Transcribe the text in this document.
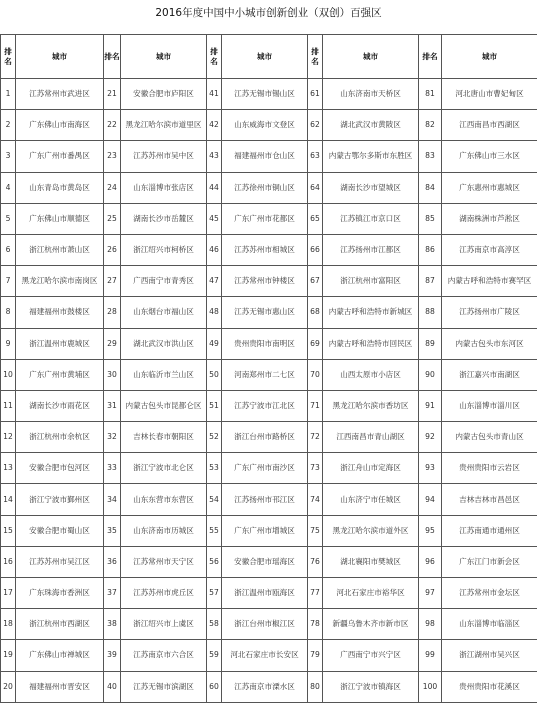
2016年度中国中小城市创新创业（双创）百强区
排名	城市	排名	城市	排名	城市	排名	城市	排名	城市
1	江苏常州市武进区	21	安徽合肥市庐阳区	41	江苏无锡市锡山区	61	山东济南市天桥区	81	河北唐山市曹妃甸区
2	广东佛山市南海区	22	黑龙江哈尔滨市道里区	42	山东威海市文登区	62	湖北武汉市黄陂区	82	江西南昌市西湖区
3	广东广州市番禺区	23	江苏苏州市吴中区	43	福建福州市仓山区	63	内蒙古鄂尔多斯市东胜区	83	广东佛山市三水区
4	山东青岛市黄岛区	24	山东淄博市张店区	44	江苏徐州市铜山区	64	湖南长沙市望城区	84	广东惠州市惠城区
5	广东佛山市顺德区	25	湖南长沙市岳麓区	45	广东广州市花都区	65	江苏镇江市京口区	85	湖南株洲市芦淞区
6	浙江杭州市萧山区	26	浙江绍兴市柯桥区	46	江苏苏州市相城区	66	江苏扬州市江都区	86	江苏南京市高淳区
7	黑龙江哈尔滨市南岗区	27	广西南宁市青秀区	47	江苏常州市钟楼区	67	浙江杭州市富阳区	87	内蒙古呼和浩特市赛罕区
8	福建福州市鼓楼区	28	山东烟台市福山区	48	江苏无锡市惠山区	68	内蒙古呼和浩特市新城区	88	江苏扬州市广陵区
9	浙江温州市鹿城区	29	湖北武汉市洪山区	49	贵州贵阳市南明区	69	内蒙古呼和浩特市回民区	89	内蒙古包头市东河区
10	广东广州市黄埔区	30	山东临沂市兰山区	50	河南郑州市二七区	70	山西太原市小店区	90	浙江嘉兴市南湖区
11	湖南长沙市雨花区	31	内蒙古包头市昆都仑区	51	江苏宁波市江北区	71	黑龙江哈尔滨市香坊区	91	山东淄博市淄川区
12	浙江杭州市余杭区	32	吉林长春市朝阳区	52	浙江台州市路桥区	72	江西南昌市青山湖区	92	内蒙古包头市青山区
13	安徽合肥市包河区	33	浙江宁波市北仑区	53	广东广州市南沙区	73	浙江舟山市定海区	93	贵州贵阳市云岩区
14	浙江宁波市鄞州区	34	山东东营市东营区	54	江苏扬州市邗江区	74	山东济宁市任城区	94	吉林吉林市昌邑区
15	安徽合肥市蜀山区	35	山东济南市历城区	55	广东广州市增城区	75	黑龙江哈尔滨市道外区	95	江苏南通市通州区
16	江苏苏州市吴江区	36	江苏常州市天宁区	56	安徽合肥市瑶海区	76	湖北襄阳市樊城区	96	广东江门市新会区
17	广东珠海市香洲区	37	江苏苏州市虎丘区	57	浙江温州市瓯海区	77	河北石家庄市裕华区	97	江苏常州市金坛区
18	浙江杭州市西湖区	38	浙江绍兴市上虞区	58	浙江台州市椒江区	78	新疆乌鲁木齐市新市区	98	山东淄博市临淄区
19	广东佛山市禅城区	39	江苏南京市六合区	59	河北石家庄市长安区	79	广西南宁市兴宁区	99	浙江湖州市吴兴区
20	福建福州市晋安区	40	江苏无锡市滨湖区	60	江苏南京市溧水区	80	浙江宁波市镇海区	100	贵州贵阳市花溪区
